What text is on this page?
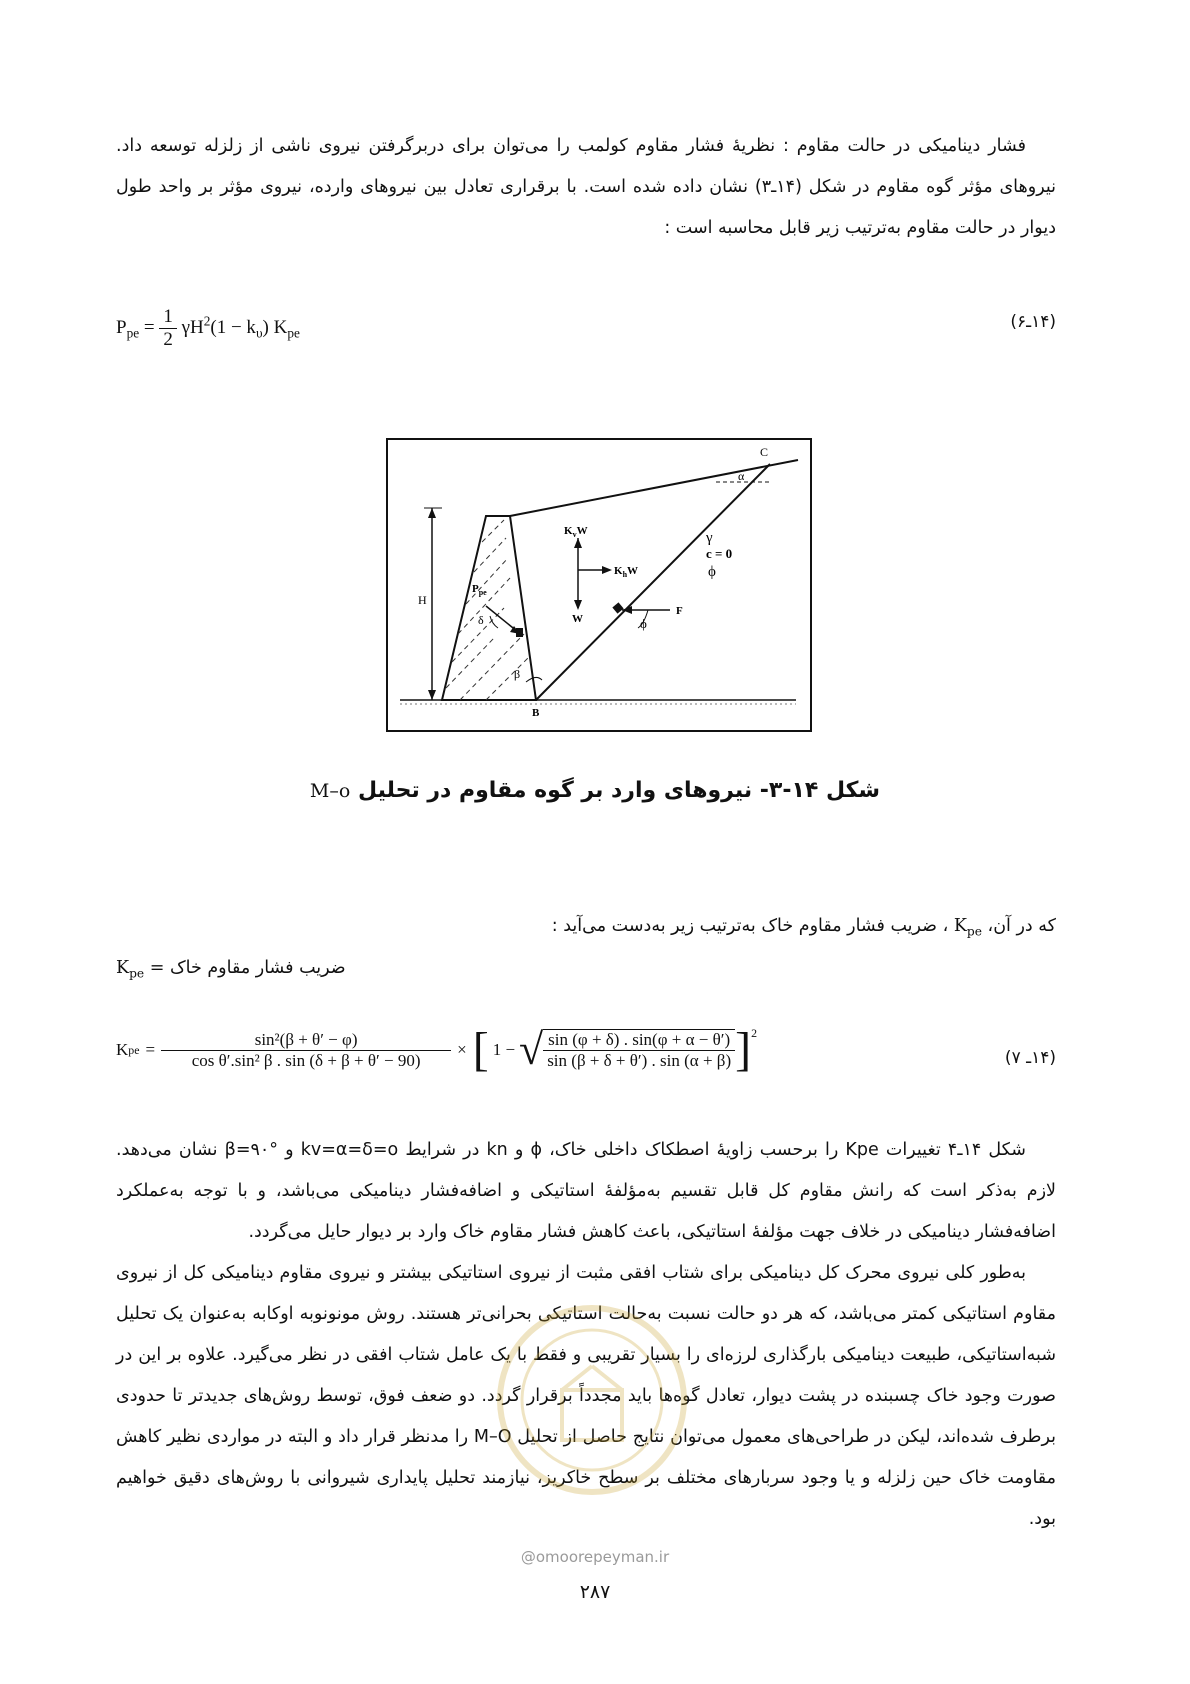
فشار دینامیکی در حالت مقاوم : نظریهٔ فشار مقاوم کولمب را می‌توان برای دربرگرفتن نیروی ناشی از زلزله توسعه داد. نیروهای مؤثر گوه مقاوم در شکل (۱۴ـ۳) نشان داده شده است. با برقراری تعادل بین نیروهای وارده، نیروی مؤثر بر واحد طول دیوار در حالت مقاوم به‌ترتیب زیر قابل محاسبه است :

$P_{pe} = \frac{1}{2} \gamma H^2(1 - k_\upsilon)$ $K_{pe}$
(۱۴ـ۶)
C
α
γ
c = 0
ϕ
$K_vW$
$K_hW$
W
H
$P_{pe}$
δ
β
B
F
ϕ
شکل ۱۴-۳- نیروهای وارد بر گوه مقاوم در تحلیل M–o
که در آن، $K_{pe}$ ، ضریب فشار مقاوم خاک به‌ترتیب زیر به‌دست می‌آید :
$K_{pe}$ = ضریب فشار مقاوم خاک
K pe = $\frac{\text{sin²(β + θ′ − φ)}}{\text{cos θ′.sin² β . sin (δ + β + θ′ − 90)}}$ × [ 1 − √ $\frac{\sin (\varphi + \delta) . \sin(\varphi + \alpha - \theta')}{\sin (\beta + \delta + \theta') . \sin (\alpha + \beta)} ]^2$
(۱۴ـ ۷)

شکل ۱۴ـ۴ تغییرات Kpe را برحسب زاویهٔ اصطکاک داخلی خاک، ϕ و kn در شرایط kv=α=δ=o و β=۹۰° نشان می‌دهد. لازم به‌ذکر است که رانش مقاوم کل قابل تقسیم به‌مؤلفهٔ استاتیکی و اضافه‌فشار دینامیکی می‌باشد، و با توجه به‌عملکرد اضافه‌فشار دینامیکی در خلاف جهت مؤلفهٔ استاتیکی، باعث کاهش فشار مقاوم خاک وارد بر دیوار حایل می‌گردد.

به‌طور کلی نیروی محرک کل دینامیکی برای شتاب افقی مثبت از نیروی استاتیکی بیشتر و نیروی مقاوم دینامیکی کل از نیروی مقاوم استاتیکی کمتر می‌باشد، که هر دو حالت نسبت به‌حالت استاتیکی بحرانی‌تر هستند. روش مونونوبه اوکابه به‌عنوان یک تحلیل شبه‌استاتیکی، طبیعت دینامیکی بارگذاری لرزه‌ای را بسیار تقریبی و فقط با یک عامل شتاب افقی در نظر می‌گیرد. علاوه بر این در صورت وجود خاک چسبنده در پشت دیوار، تعادل گوه‌ها باید مجدداً برقرار گردد. دو ضعف فوق، توسط روش‌های جدیدتر تا حدودی برطرف شده‌اند، لیکن در طراحی‌های معمول می‌توان نتایج حاصل از تحلیل M–O را مدنظر قرار داد و البته در مواردی نظیر کاهش مقاومت خاک حین زلزله و یا وجود سربارهای مختلف بر سطح خاکریز، نیازمند تحلیل پایداری شیروانی با روش‌های دقیق خواهیم بود.

@omoorepeyman.ir
۲۸۷
